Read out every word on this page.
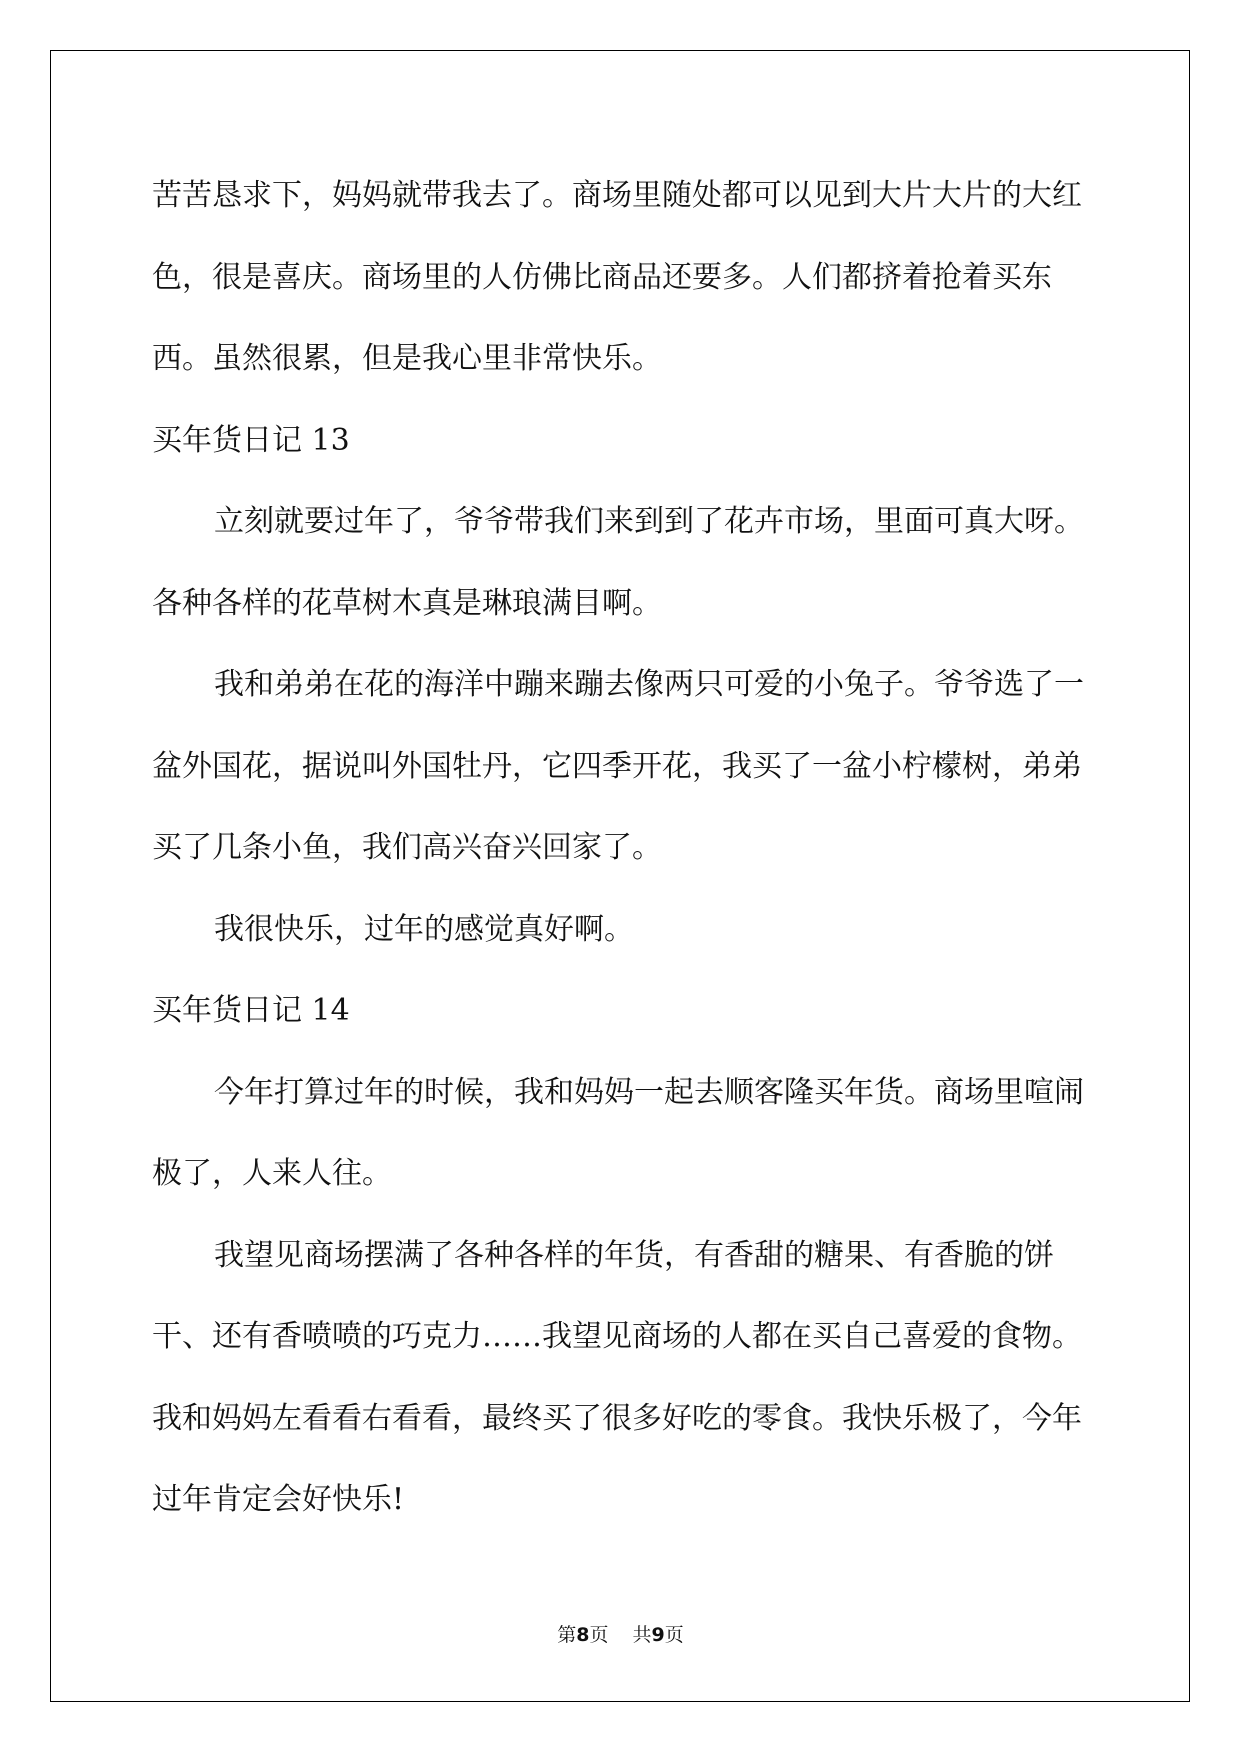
苦苦恳求下，妈妈就带我去了。商场里随处都可以见到大片大片的大红色，很是喜庆。商场里的人仿佛比商品还要多。人们都挤着抢着买东西。虽然很累，但是我心里非常快乐。

买年货日记 13

立刻就要过年了，爷爷带我们来到到了花卉市场，里面可真大呀。各种各样的花草树木真是琳琅满目啊。

我和弟弟在花的海洋中蹦来蹦去像两只可爱的小兔子。爷爷选了一盆外国花，据说叫外国牡丹，它四季开花，我买了一盆小柠檬树，弟弟买了几条小鱼，我们高兴奋兴回家了。

我很快乐，过年的感觉真好啊。

买年货日记 14

今年打算过年的时候，我和妈妈一起去顺客隆买年货。商场里喧闹极了，人来人往。

我望见商场摆满了各种各样的年货，有香甜的糖果、有香脆的饼干、还有香喷喷的巧克力……我望见商场的人都在买自己喜爱的食物。我和妈妈左看看右看看，最终买了很多好吃的零食。我快乐极了，今年过年肯定会好快乐!

第8页 共9页
